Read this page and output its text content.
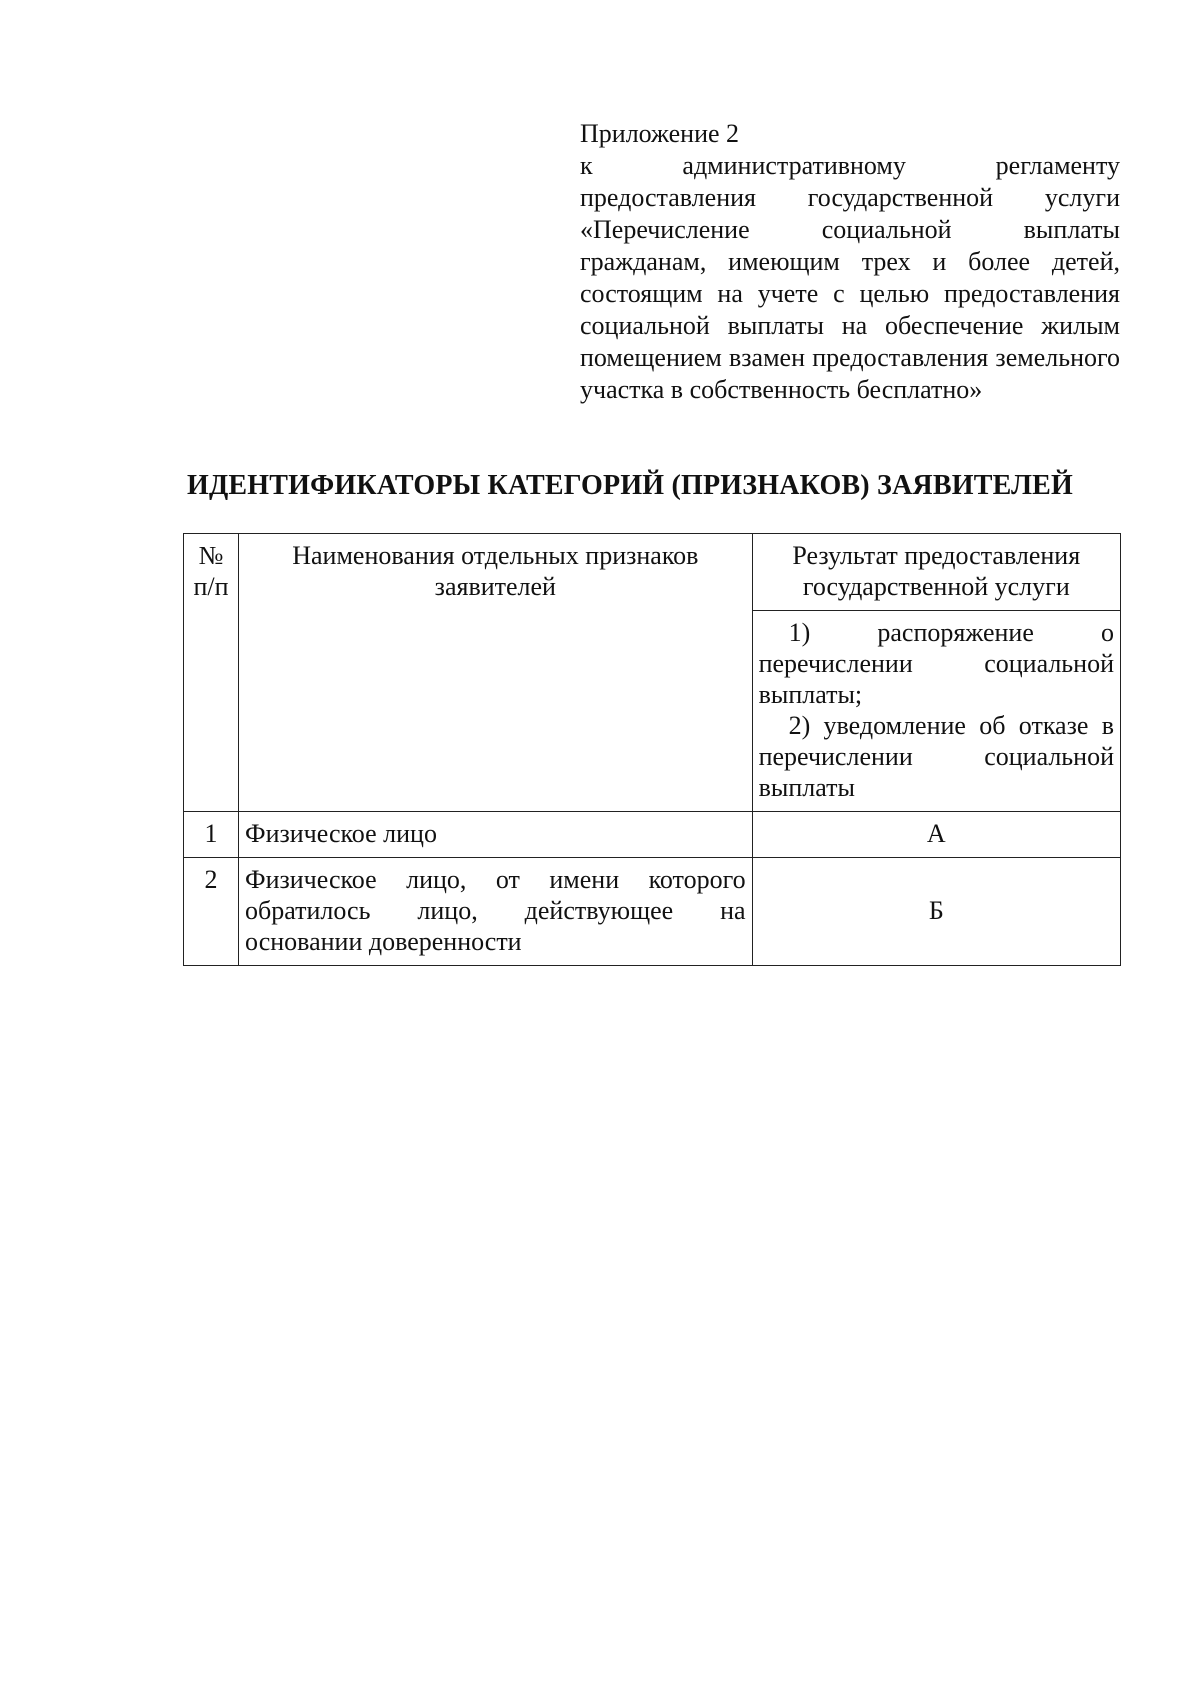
Приложение 2
к административному регламенту предоставления государственной услуги «Перечисление социальной выплаты гражданам, имеющим трех и более детей, состоящим на учете с целью предоставления социальной выплаты на обеспечение жилым помещением взамен предоставления земельного участка в собственность бесплатно»
ИДЕНТИФИКАТОРЫ КАТЕГОРИЙ (ПРИЗНАКОВ) ЗАЯВИТЕЛЕЙ
№ п/п	Наименования отдельных признаков заявителей	Результат предоставления государственной услуги

		1) распоряжение о перечислении социальной выплаты;
2) уведомление об отказе в перечислении социальной выплаты

1	Физическое лицо	А
2	Физическое лицо, от имени которого обратилось лицо, действующее на основании доверенности	Б
